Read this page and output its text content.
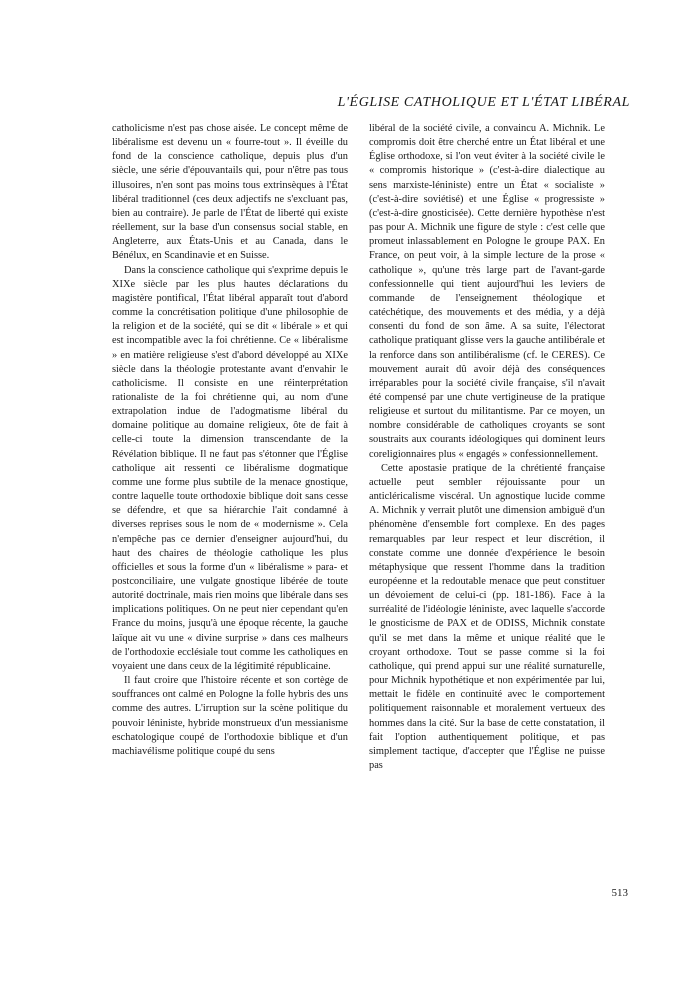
L'ÉGLISE CATHOLIQUE ET L'ÉTAT LIBÉRAL

catholicisme n'est pas chose aisée. Le concept même de libéralisme est devenu un « fourre-tout ». Il éveille du fond de la conscience catholique, depuis plus d'un siècle, une série d'épouvantails qui, pour n'être pas tous illusoires, n'en sont pas moins tous extrinsèques à l'État libéral traditionnel (ces deux adjectifs ne s'excluant pas, bien au contraire). Je parle de l'État de liberté qui existe réellement, sur la base d'un consensus social stable, en Angleterre, aux États-Unis et au Canada, dans le Bénélux, en Scandinavie et en Suisse.

Dans la conscience catholique qui s'exprime depuis le XIXe siècle par les plus hautes déclarations du magistère pontifical, l'État libéral apparaît tout d'abord comme la concrétisation politique d'une philosophie de la religion et de la société, qui se dit « libérale » et qui est incompatible avec la foi chrétienne. Ce « libéralisme » en matière religieuse s'est d'abord développé au XIXe siècle dans la théologie protestante avant d'envahir le catholicisme. Il consiste en une réinterprétation rationaliste de la foi chrétienne qui, au nom d'une extrapolation indue de l'adogmatisme libéral du domaine politique au domaine religieux, ôte de fait à celle-ci toute la dimension transcendante de la Révélation biblique. Il ne faut pas s'étonner que l'Église catholique ait ressenti ce libéralisme dogmatique comme une forme plus subtile de la menace gnostique, contre laquelle toute orthodoxie biblique doit sans cesse se défendre, et que sa hiérarchie l'ait condamné à diverses reprises sous le nom de « modernisme ». Cela n'empêche pas ce dernier d'enseigner aujourd'hui, du haut des chaires de théologie catholique les plus officielles et sous la forme d'un « libéralisme » para- et postconciliaire, une vulgate gnostique libérée de toute autorité doctrinale, mais rien moins que libérale dans ses implications politiques. On ne peut nier cependant qu'en France du moins, jusqu'à une époque récente, la gauche laïque ait vu une « divine surprise » dans ces malheurs de l'orthodoxie ecclésiale tout comme les catholiques en voyaient une dans ceux de la légitimité républicaine.

Il faut croire que l'histoire récente et son cortège de souffrances ont calmé en Pologne la folle hybris des uns comme des autres. L'irruption sur la scène politique du pouvoir léniniste, hybride monstrueux d'un messianisme eschatologique coupé de l'orthodoxie biblique et d'un machiavélisme politique coupé du sens

libéral de la société civile, a convaincu A. Michnik. Le compromis doit être cherché entre un État libéral et une Église orthodoxe, si l'on veut éviter à la société civile le « compromis historique » (c'est-à-dire dialectique au sens marxiste-léniniste) entre un État « socialiste » (c'est-à-dire soviétisé) et une Église « progressiste » (c'est-à-dire gnosticisée). Cette dernière hypothèse n'est pas pour A. Michnik une figure de style : c'est celle que promeut inlassablement en Pologne le groupe PAX. En France, on peut voir, à la simple lecture de la prose « catholique », qu'une très large part de l'avant-garde confessionnelle qui tient aujourd'hui les leviers de commande de l'enseignement théologique et catéchétique, des mouvements et des média, y a déjà consenti du fond de son âme. A sa suite, l'électorat catholique pratiquant glisse vers la gauche antilibérale et la renforce dans son antilibéralisme (cf. le CERES). Ce mouvement aurait dû avoir déjà des conséquences irréparables pour la société civile française, s'il n'avait été compensé par une chute vertigineuse de la pratique religieuse et surtout du militantisme. Par ce moyen, un nombre considérable de catholiques croyants se sont soustraits aux courants idéologiques qui dominent leurs coreligionnaires plus « engagés » confessionnellement.

Cette apostasie pratique de la chrétienté française actuelle peut sembler réjouissante pour un anticléricalisme viscéral. Un agnostique lucide comme A. Michnik y verrait plutôt une dimension ambiguë d'un phénomène d'ensemble fort complexe. En des pages remarquables par leur respect et leur discrétion, il constate comme une donnée d'expérience le besoin métaphysique que ressent l'homme dans la tradition européenne et la redoutable menace que peut constituer un dévoiement de celui-ci (pp. 181-186). Face à la surréalité de l'idéologie léniniste, avec laquelle s'accorde le gnosticisme de PAX et de ODISS, Michnik constate qu'il se met dans la même et unique réalité que le croyant orthodoxe. Tout se passe comme si la foi catholique, qui prend appui sur une réalité surnaturelle, pour Michnik hypothétique et non expérimentée par lui, mettait le fidèle en continuité avec le comportement politiquement raisonnable et moralement vertueux des hommes dans la cité. Sur la base de cette constatation, il fait l'option authentiquement politique, et pas simplement tactique, d'accepter que l'Église ne puisse pas

513
